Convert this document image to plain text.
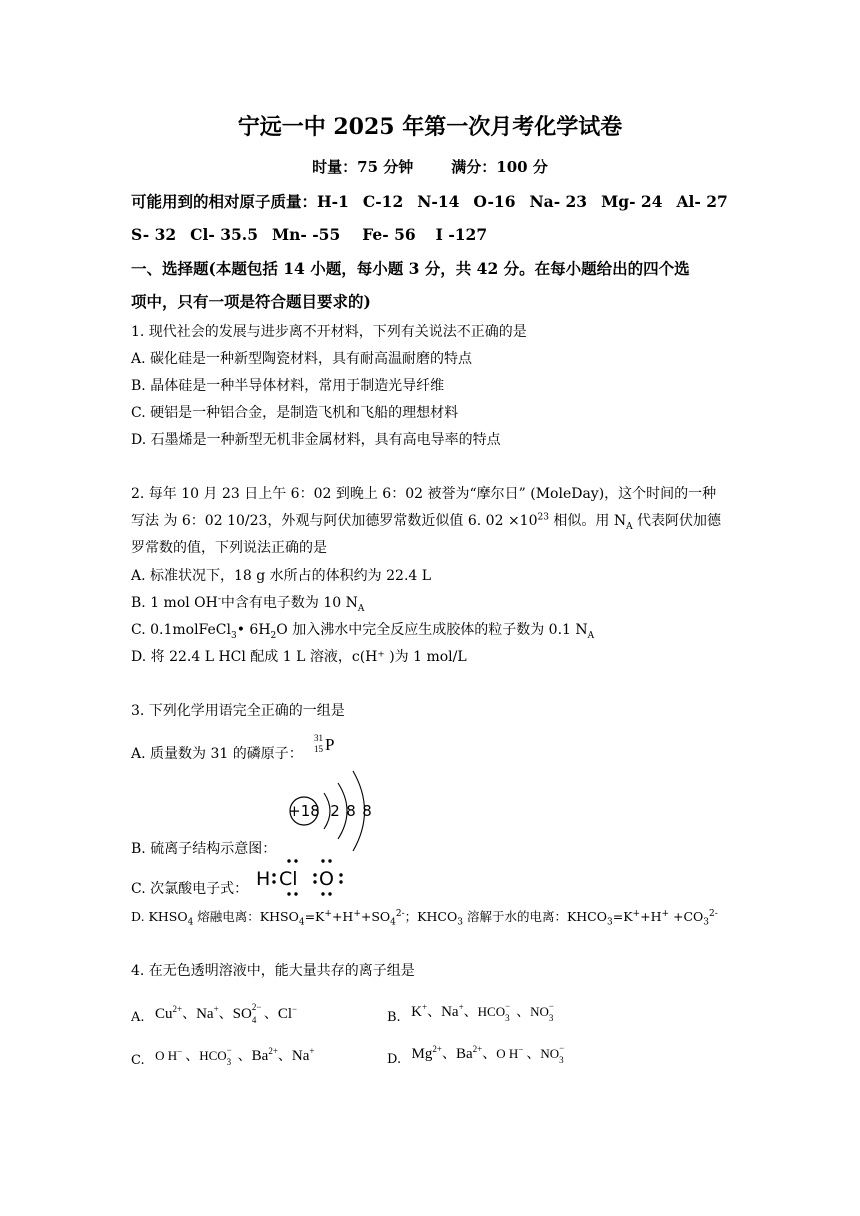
宁远一中 2025 年第一次月考化学试卷
时量：75 分钟	满分：100 分
可能用到的相对原子质量：H-1 C-12 N-14 O-16 Na- 23 Mg- 24 Al- 27
S- 32 Cl- 35.5 Mn- -55 Fe- 56 I -127
一、选择题(本题包括 14 小题，每小题 3 分，共 42 分。在每小题给出的四个选
项中，只有一项是符合题目要求的)
1. 现代社会的发展与进步离不开材料，下列有关说法不正确的是
A. 碳化硅是一种新型陶瓷材料，具有耐高温耐磨的特点
B. 晶体硅是一种半导体材料，常用于制造光导纤维
C. 硬铝是一种铝合金，是制造飞机和飞船的理想材料
D. 石墨烯是一种新型无机非金属材料，具有高电导率的特点
2. 每年 10 月 23 日上午 6：02 到晚上 6：02 被誉为“摩尔日” (MoleDay)，这个时间的一种
写法 为 6：02 10/23，外观与阿伏加德罗常数近似值 6. $02 \times 10^{23}$ 相似。用 $N_A$ 代表阿伏加德
罗常数的值，下列说法正确的是
A. 标准状况下，18 g 水所占的体积约为 22.4 L
B. 1 mol OH-中含有电子数为 10 $N_A$
C. 0.1molFeCl$_3$• $6H_2O$ 加入沸水中完全反应生成胶体的粒子数为 0.1 $N_A$
D. 将 22.4 L HCl 配成 1 L 溶液，c(H⁺ )为 1 mol/L
3. 下列化学用语完全正确的一组是
A. 质量数为 31 的磷原子：
31
15 P
+18 2 8 8
B. 硫离子结构示意图：
C. 次氯酸电子式： H Cl O
D. $KHSO_4$ 熔融电离：$KHSO_4=K^++H^++SO_4^{2-}$；$KHCO_3$ 溶解于水的电离：$KHCO_3=K^++H^+ +CO_3^{2-}$
4. 在无色透明溶液中，能大量共存的离子组是
A. $Cu^{2+}$、Na+、SO 2−
4 、Cl−
B. K+、Na+、HCO −
3 、NO −
3
C. O H− 、HCO −
3 、$Ba^{2+}$、Na+
D. $Mg^{2+}$、$Ba^{2+}$、O H− 、NO −
3
